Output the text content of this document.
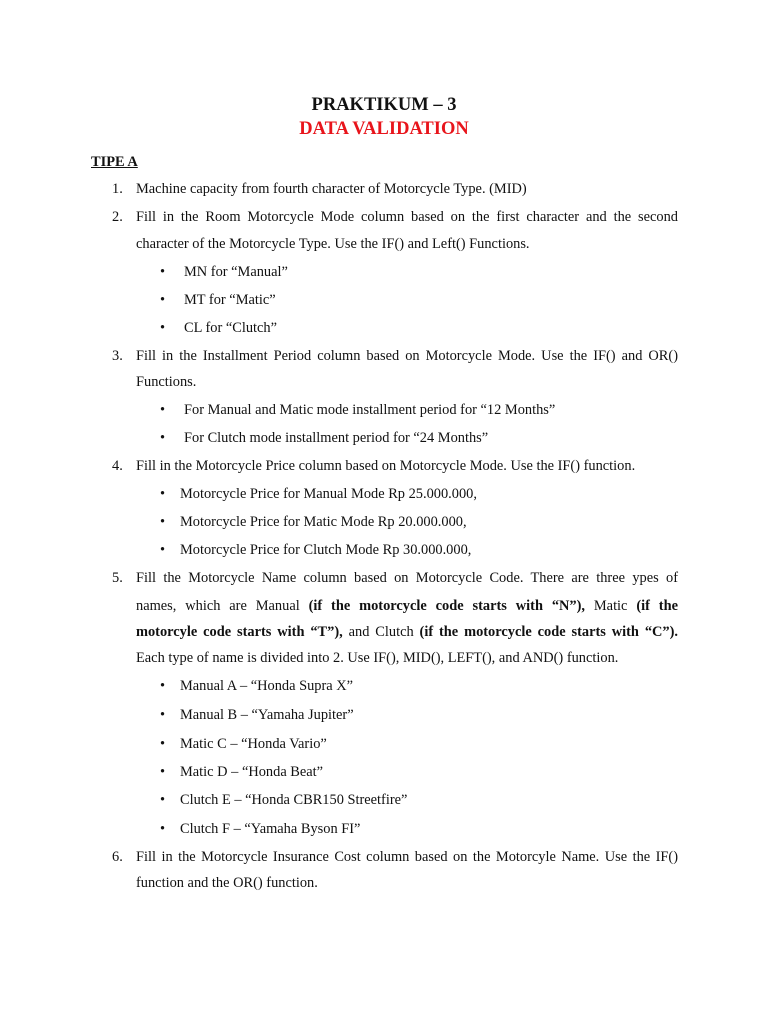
PRAKTIKUM – 3
DATA VALIDATION
TIPE A
1. Machine capacity from fourth character of Motorcycle Type. (MID)
2. Fill in the Room Motorcycle Mode column based on the first character and the second
character of the Motorcycle Type. Use the IF() and Left() Functions.
• MN for “Manual”
• MT for “Matic”
• CL for “Clutch”
3. Fill in the Installment Period column based on Motorcycle Mode. Use the IF() and OR()
Functions.
• For Manual and Matic mode installment period for “12 Months”
• For Clutch mode installment period for “24 Months”
4. Fill in the Motorcycle Price column based on Motorcycle Mode. Use the IF() function.
• Motorcycle Price for Manual Mode Rp 25.000.000,
• Motorcycle Price for Matic Mode Rp 20.000.000,
• Motorcycle Price for Clutch Mode Rp 30.000.000,
5. Fill the Motorcycle Name column based on Motorcycle Code. There are three ypes of
names, which are Manual (if the motorcycle code starts with “N”), Matic (if the
motorcyle code starts with “T”), and Clutch (if the motorcycle code starts with “C”).
Each type of name is divided into 2. Use IF(), MID(), LEFT(), and AND() function.
• Manual A – “Honda Supra X”
• Manual B – “Yamaha Jupiter”
• Matic C – “Honda Vario”
• Matic D – “Honda Beat”
• Clutch E – “Honda CBR150 Streetfire”
• Clutch F – “Yamaha Byson FI”
6. Fill in the Motorcycle Insurance Cost column based on the Motorcyle Name. Use the IF()
function and the OR() function.
